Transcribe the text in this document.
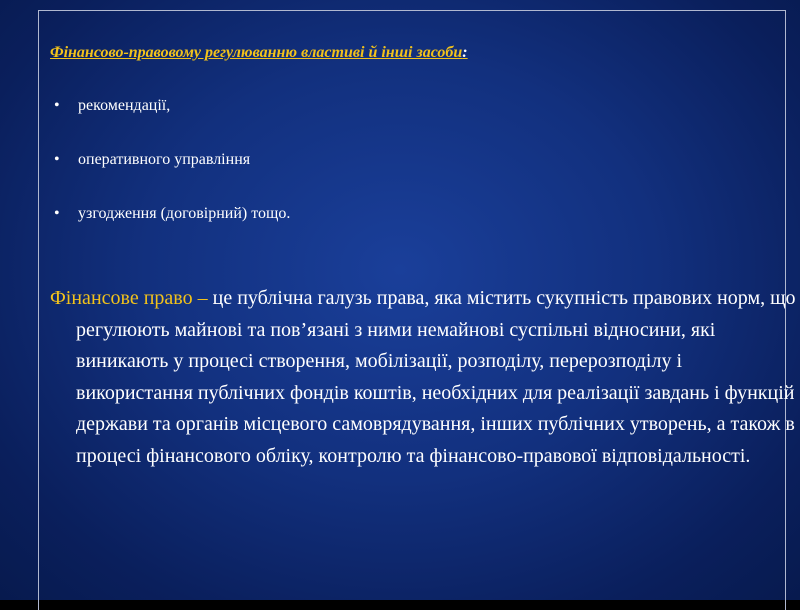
Фінансово-правовому регулюванню властиві й інші засоби:
• рекомендації,
• оперативного управління
• узгодження (договірний) тощо.
Фінансове право – це публічна галузь права, яка містить сукупність правових норм, що регулюють майнові та пов’язані з ними немайнові суспільні відносини, які виникають у процесі створення, мобілізації, розподілу, перерозподілу і використання публічних фондів коштів, необхідних для реалізації завдань і функцій держави та органів місцевого самоврядування, інших публічних утворень, а також в процесі фінансового обліку, контролю та фінансово-правової відповідальності.
